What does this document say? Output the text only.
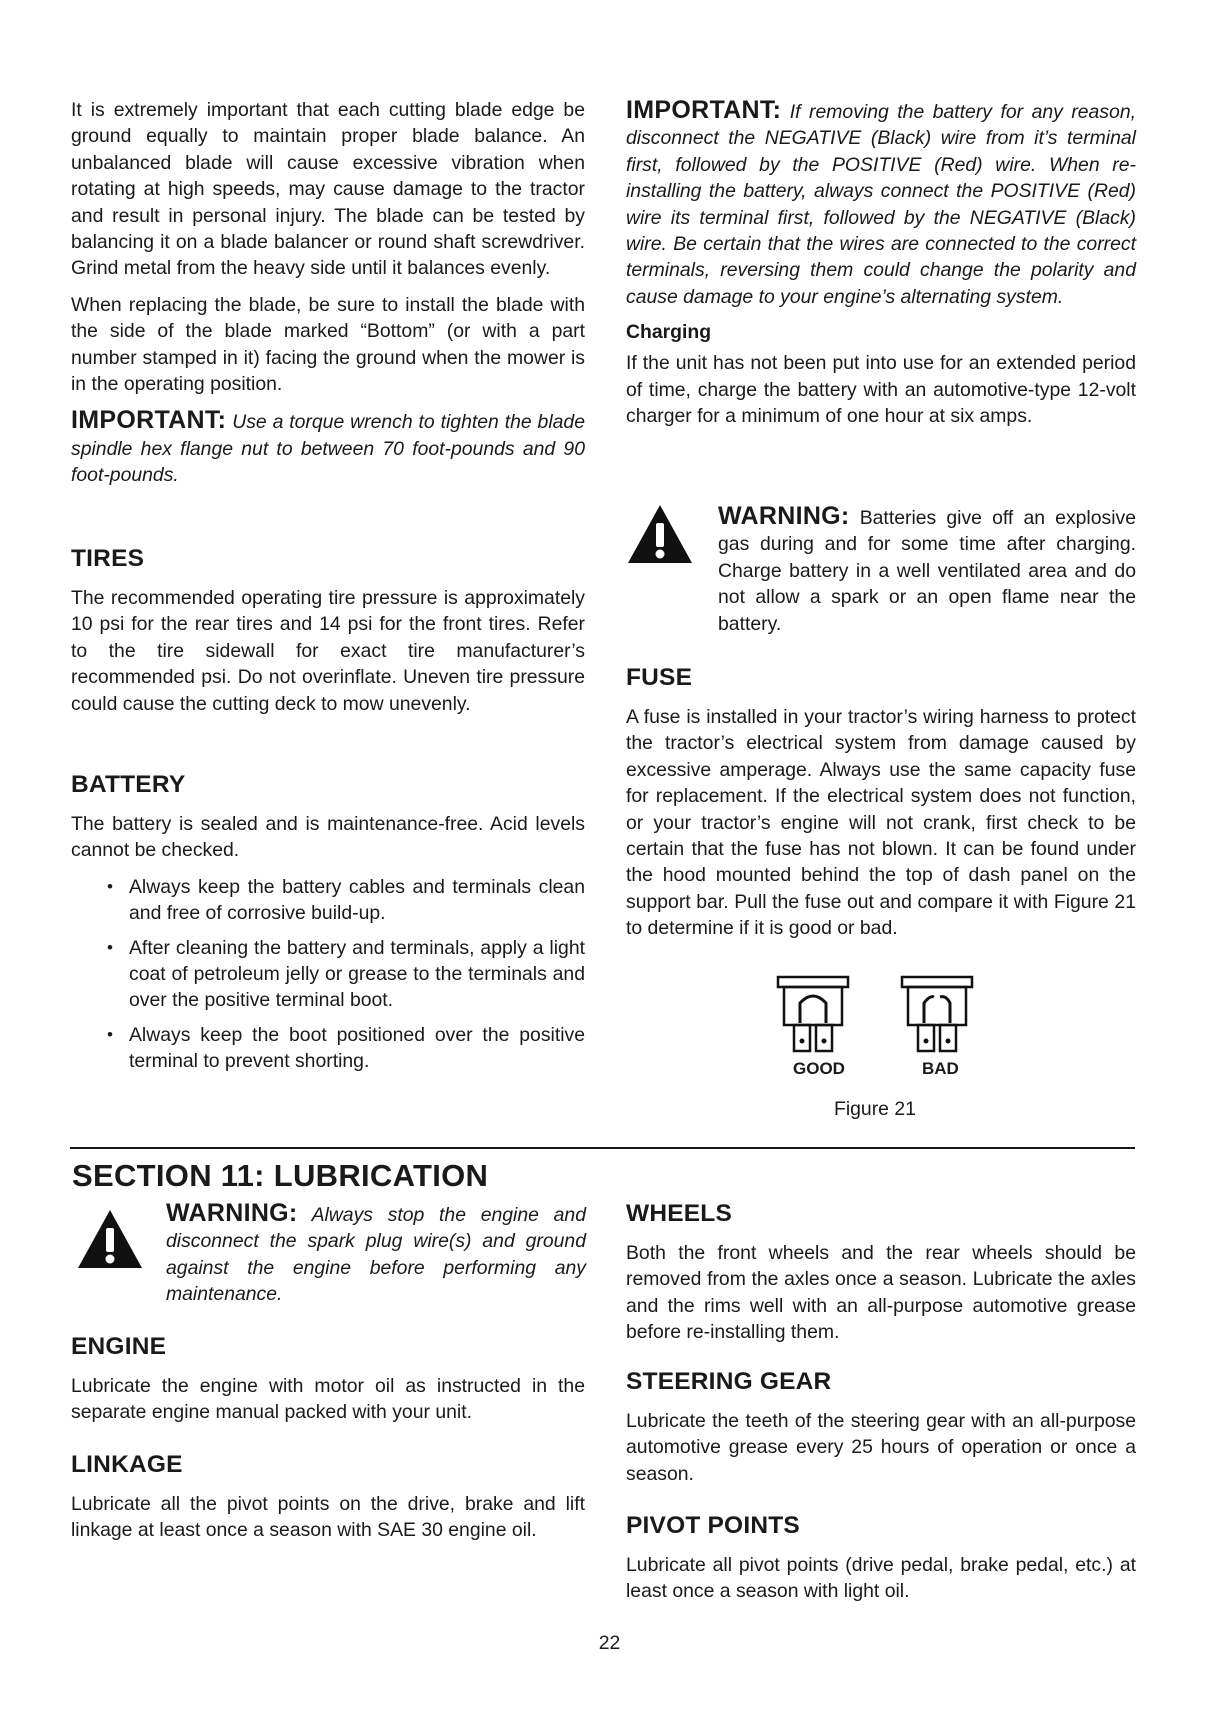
It is extremely important that each cutting blade edge be ground equally to maintain proper blade balance. An unbalanced blade will cause excessive vibration when rotating at high speeds, may cause damage to the tractor and result in personal injury. The blade can be tested by balancing it on a blade balancer or round shaft screwdriver. Grind metal from the heavy side until it balances evenly.

When replacing the blade, be sure to install the blade with the side of the blade marked “Bottom” (or with a part number stamped in it) facing the ground when the mower is in the operating position.

IMPORTANT: Use a torque wrench to tighten the blade spindle hex flange nut to between 70 foot-pounds and 90 foot-pounds.

TIRES

The recommended operating tire pressure is approximately 10 psi for the rear tires and 14 psi for the front tires. Refer to the tire sidewall for exact tire manufacturer’s recommended psi. Do not overinflate. Uneven tire pressure could cause the cutting deck to mow unevenly.

BATTERY

The battery is sealed and is maintenance-free. Acid levels cannot be checked.

• Always keep the battery cables and terminals clean and free of corrosive build-up.
• After cleaning the battery and terminals, apply a light coat of petroleum jelly or grease to the terminals and over the positive terminal boot.
• Always keep the boot positioned over the positive terminal to prevent shorting.

IMPORTANT: If removing the battery for any reason, disconnect the NEGATIVE (Black) wire from it’s terminal first, followed by the POSITIVE (Red) wire. When re-installing the battery, always connect the POSITIVE (Red) wire its terminal first, followed by the NEGATIVE (Black) wire. Be certain that the wires are connected to the correct terminals, reversing them could change the polarity and cause damage to your engine’s alternating system.

Charging

If the unit has not been put into use for an extended period of time, charge the battery with an automotive-type 12-volt charger for a minimum of one hour at six amps.

WARNING: Batteries give off an explosive gas during and for some time after charging. Charge battery in a well ventilated area and do not allow a spark or an open flame near the battery.
FUSE

A fuse is installed in your tractor’s wiring harness to protect the tractor’s electrical system from damage caused by excessive amperage. Always use the same capacity fuse for replacement. If the electrical system does not function, or your tractor’s engine will not crank, first check to be certain that the fuse has not blown. It can be found under the hood mounted behind the top of dash panel on the support bar. Pull the fuse out and compare it with Figure 21 to determine if it is good or bad.

GOOD	BAD
Figure 21
SECTION 11: LUBRICATION
WARNING: Always stop the engine and disconnect the spark plug wire(s) and ground against the engine before performing any maintenance.
ENGINE

Lubricate the engine with motor oil as instructed in the separate engine manual packed with your unit.

LINKAGE

Lubricate all the pivot points on the drive, brake and lift linkage at least once a season with SAE 30 engine oil.

WHEELS

Both the front wheels and the rear wheels should be removed from the axles once a season. Lubricate the axles and the rims well with an all-purpose automotive grease before re-installing them.

STEERING GEAR

Lubricate the teeth of the steering gear with an all-purpose automotive grease every 25 hours of operation or once a season.

PIVOT POINTS

Lubricate all pivot points (drive pedal, brake pedal, etc.) at least once a season with light oil.

22
